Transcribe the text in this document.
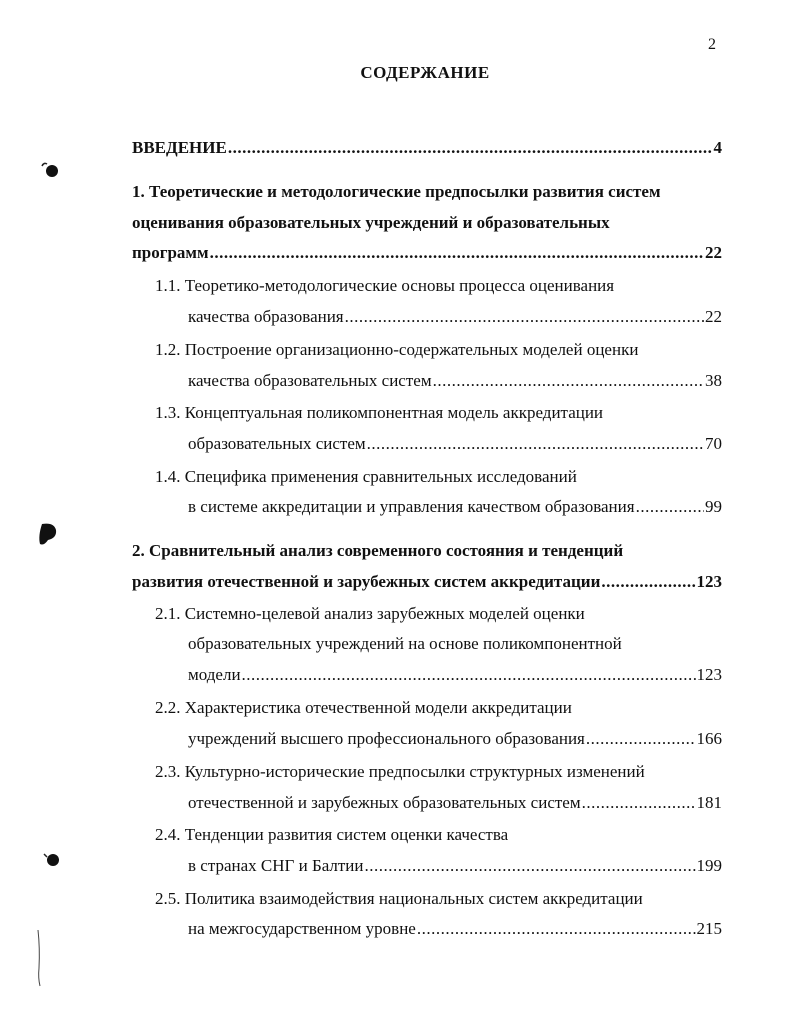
2
СОДЕРЖАНИЕ
ВВЕДЕНИЕ .....	4
1. Теоретические и методологические предпосылки развития систем
оценивания образовательных учреждений и образовательных
программ .....	22
1.1. Теоретико-методологические основы процесса оценивания
качества образования .....	22
1.2. Построение организационно-содержательных моделей оценки
качества образовательных систем .....	38
1.3. Концептуальная поликомпонентная модель аккредитации
образовательных систем .....	70
1.4. Специфика применения сравнительных исследований
в системе аккредитации и управления качеством образования .....	99
2. Сравнительный анализ современного состояния и тенденций
развития отечественной и зарубежных систем аккредитации .....	123
2.1. Системно-целевой анализ зарубежных моделей оценки
образовательных учреждений на основе поликомпонентной
модели .....	123
2.2. Характеристика отечественной модели аккредитации
учреждений высшего профессионального образования .....	166
2.3. Культурно-исторические предпосылки структурных изменений
отечественной и зарубежных образовательных систем .....	181
2.4. Тенденции развития систем оценки качества
в странах СНГ и Балтии .....	199
2.5. Политика взаимодействия национальных систем аккредитации
на межгосударственном уровне .....	215
